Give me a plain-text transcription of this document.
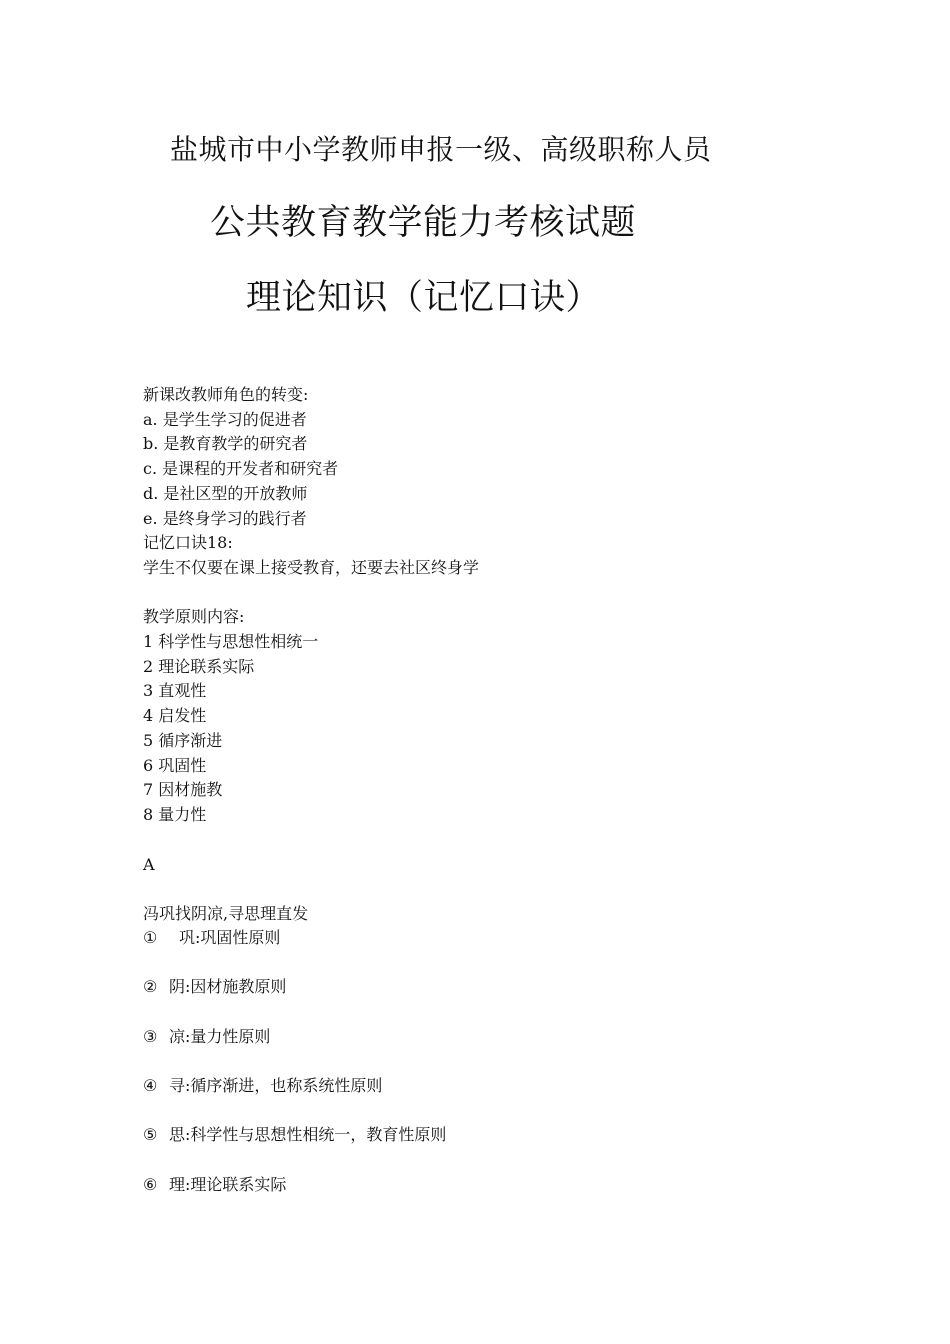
盐城市中小学教师申报一级、高级职称人员
公共教育教学能力考核试题
理论知识（记忆口诀）
新课改教师角色的转变:
a. 是学生学习的促进者
b. 是教育教学的研究者
c. 是课程的开发者和研究者
d. 是社区型的开放教师
e. 是终身学习的践行者
记忆口诀18:
学生不仅要在课上接受教育，还要去社区终身学
教学原则内容:
1 科学性与思想性相统一
2 理论联系实际
3 直观性
4 启发性
5 循序渐进
6 巩固性
7 因材施教
8 量力性
A
冯巩找阴凉,寻思理直发
① 巩:巩固性原则
② 阴:因材施教原则
③ 凉:量力性原则
④ 寻:循序渐进，也称系统性原则
⑤ 思:科学性与思想性相统一，教育性原则
⑥ 理:理论联系实际
